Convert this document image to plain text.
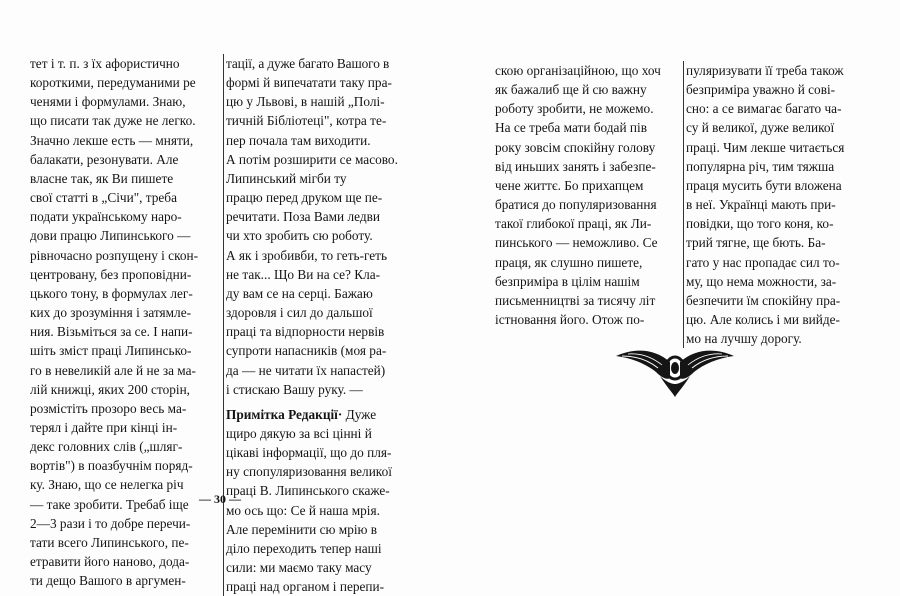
тет і т. п. з їх афористично
короткими, передуманими ре
ченями і формулами. Знаю,
що писати так дуже не легко.
Значно лекше есть — мняти,
балакати, резонувати. Але
власне так, як Ви пишете
свої статті в „Січи", треба
подати українському наро-
дови працю Липинського —
рівночасно розпущену і скон-
центровану, без проповідни-
цького тону, в формулах лег-
ких до зрозуміння і затямле-
ния. Візьміться за се. І напи-
шіть зміст праці Липинсько-
го в невеликій але й не за ма-
лій книжці, яких 200 сторін,
розмістіть прозоро весь ма-
терял і дайте при кінці ін-
декс головних слів („шляг-
вортів") в поазбучнім поряд-
ку. Знаю, що се нелегка річ
— таке зробити. Требаб іще
2—3 рази і то добре перечи-
тати всего Липинського, пе-
етравити його наново, дода-
ти дещо Вашого в аргумен-
тації, а дуже багато Вашого в
формі й випечатати таку пра-
цю у Львові, в нашій „Полі-
тичній Бібліотеці", котра те-
пер почала там виходити.
А потім розширити се масово.
Липинський мігби ту
працю перед друком ще пе-
речитати. Поза Вами ледви
чи хто зробить сю роботу.
А як і зробивби, то геть-геть
не так... Що Ви на се? Кла-
ду вам се на серці. Бажаю
здоровля і сил до дальшої
праці та відпорности нервів
супроти напасників (моя ра-
да — не читати їх напастей)
і стискаю Вашу руку. —
Примітка Редакції· Дуже
щиро дякую за всі цінні й
цікаві інформації, що до пля-
ну спопуляризовання великої
праці В. Липинського скаже-
мо ось що: Се й наша мрія.
Але перемінити сю мрію в
діло переходить тепер наші
сили: ми маємо таку масу
праці над органом і перепи-
— 30 —
скою організаційною, що хоч
як бажалиб ще й сю важну
роботу зробити, не можемо.
На се треба мати бодай пів
року зовсім спокійну голову
від иньших занять і забезпе-
чене життє. Бо прихапцем
братися до популяризовання
такої глибокої праці, як Ли-
пинського — неможливо. Се
праця, як слушно пишете,
безприміра в цілім нашім
письменництві за тисячу літ
істновання його. Отож по-
пуляризувати її треба також
безприміра уважно й сові-
сно: а се вимагає багато ча-
су й великої, дуже великої
праці. Чим лекше читається
популярна річ, тим тяжша
праця мусить бути вложена
в неї. Українці мають при-
повідки, що того коня, ко-
трий тягне, ще бють. Ба-
гато у нас пропадає сил то-
му, що нема можности, за-
безпечити їм спокійну пра-
цю. Але колись і ми вийде-
мо на лучшу дорогу.
